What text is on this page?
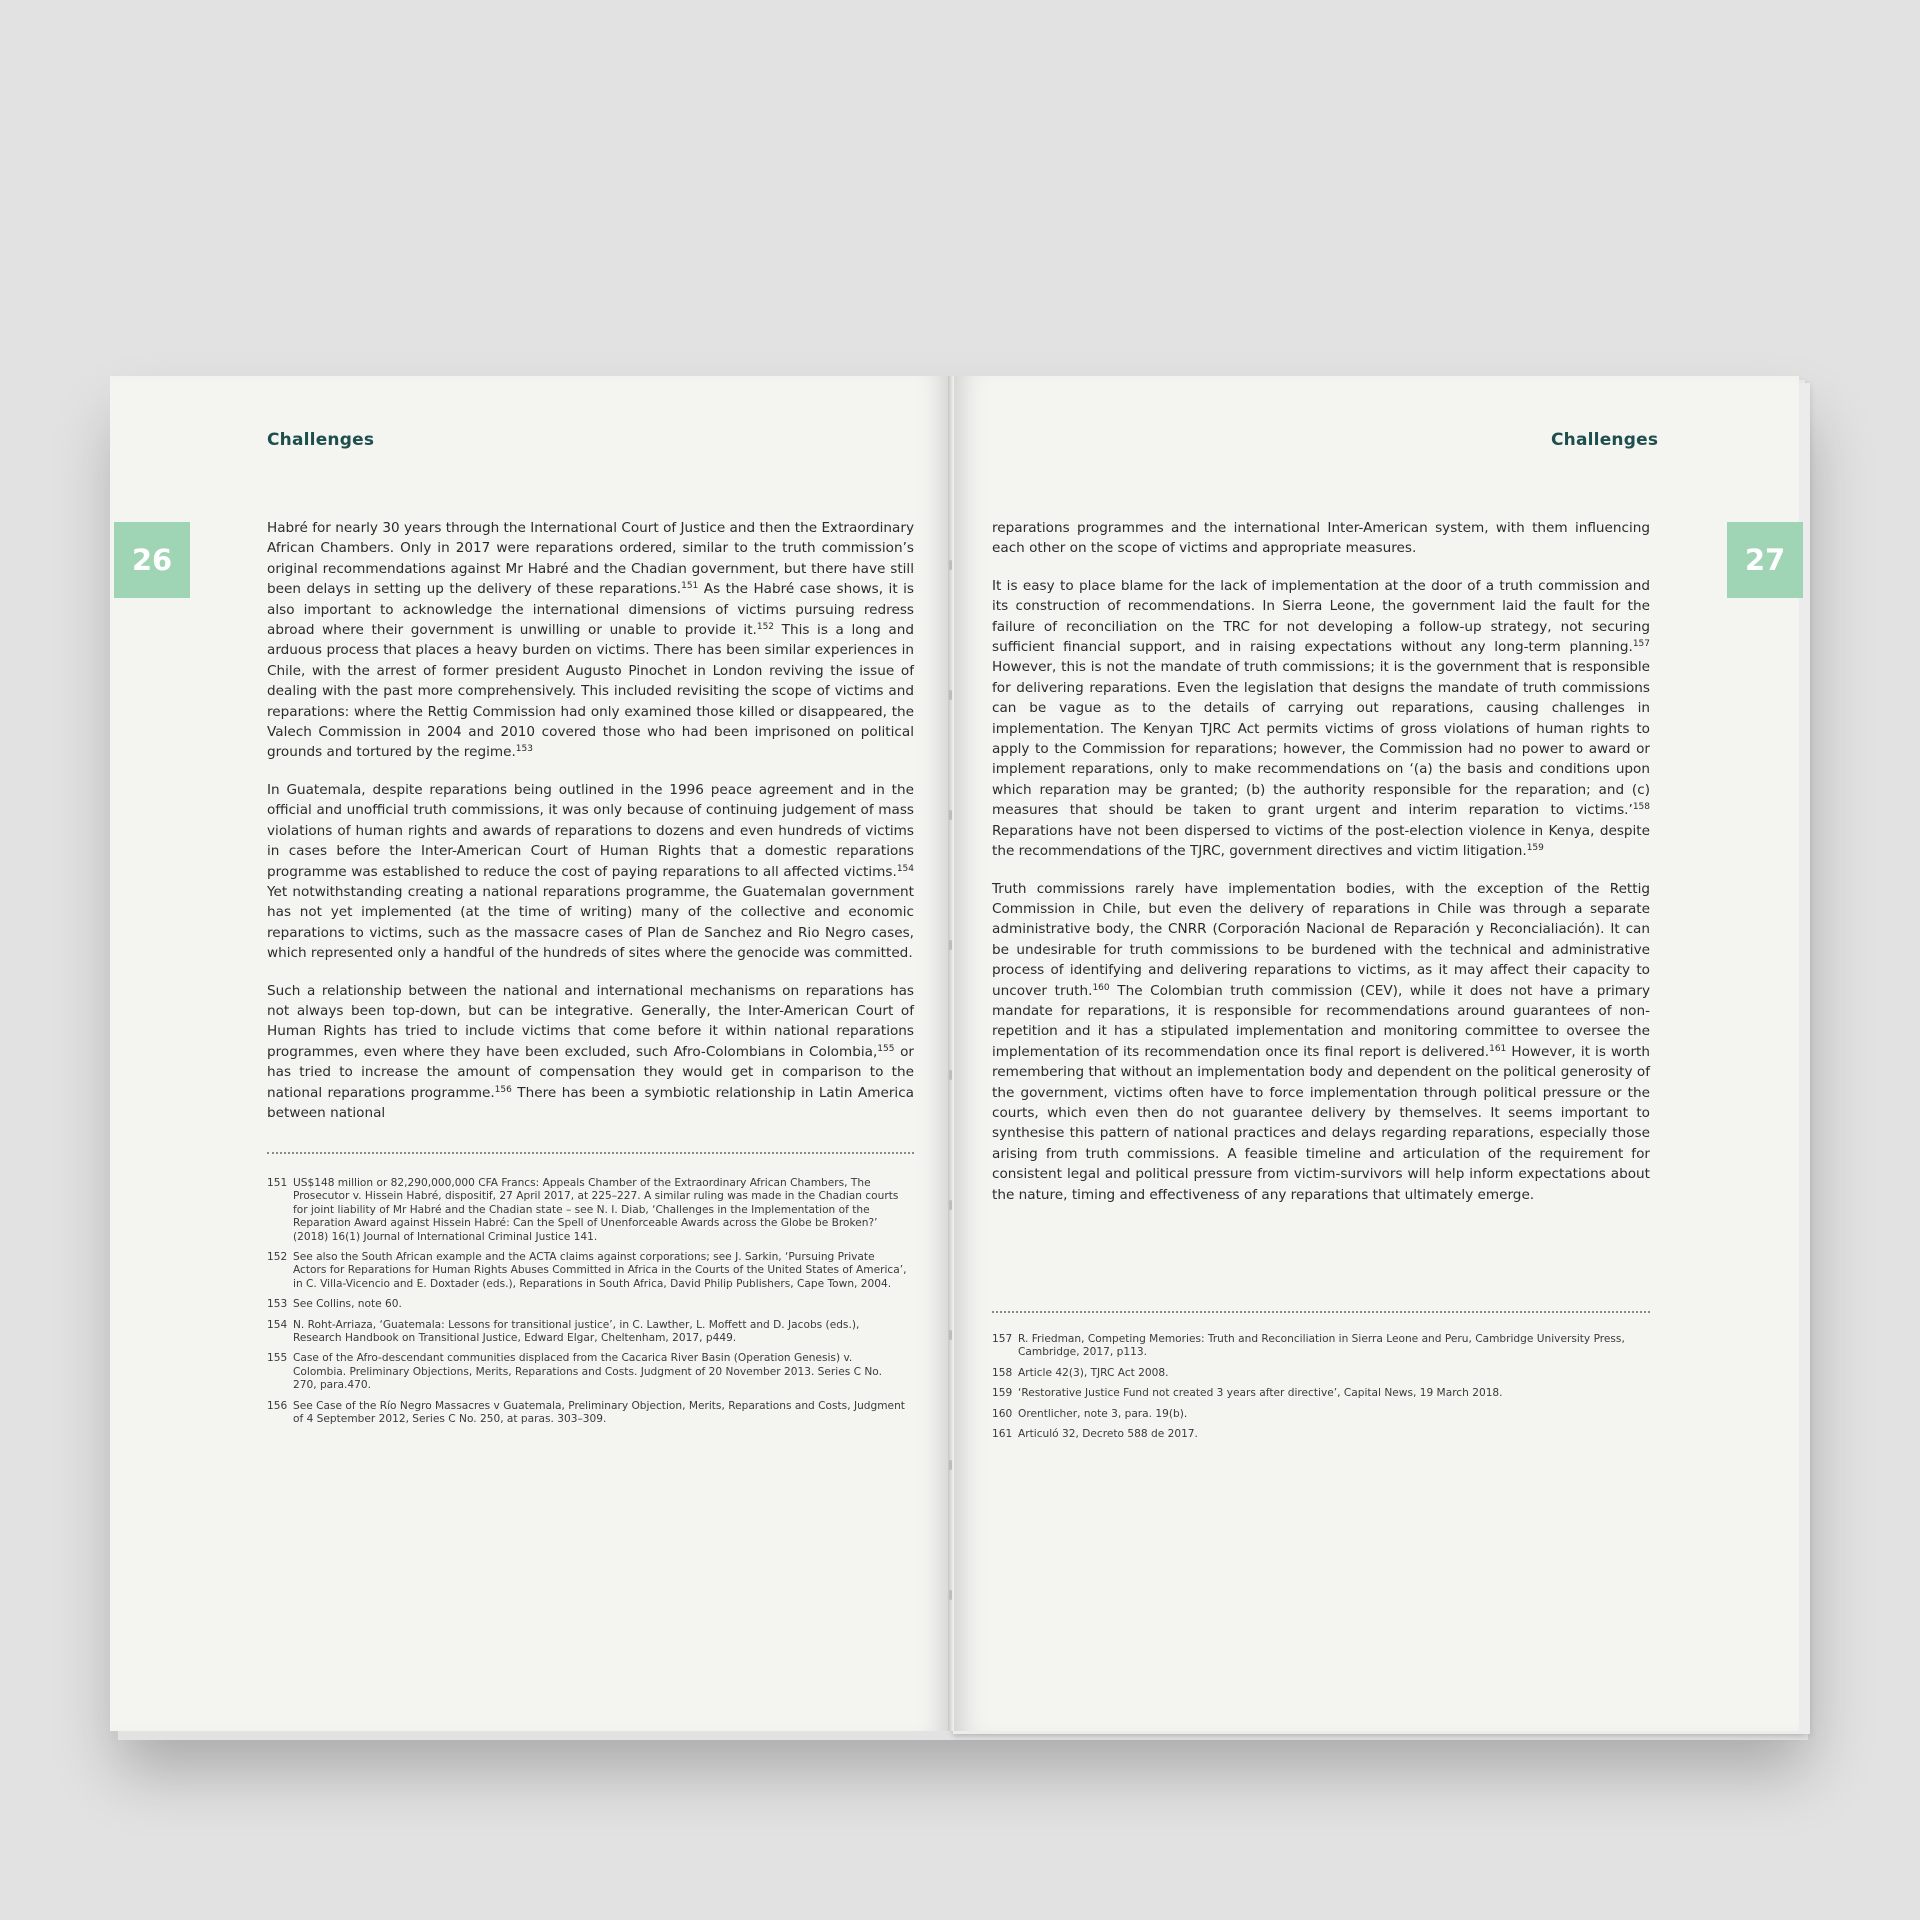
Challenges
26

Habré for nearly 30 years through the International Court of Justice and then the Extraordinary African Chambers. Only in 2017 were reparations ordered, similar to the truth commission’s original recommendations against Mr Habré and the Chadian government, but there have still been delays in setting up the delivery of these reparations.$^{151}$ As the Habré case shows, it is also important to acknowledge the international dimensions of victims pursuing redress abroad where their government is unwilling or unable to provide it.$^{152}$ This is a long and arduous process that places a heavy burden on victims. There has been similar experiences in Chile, with the arrest of former president Augusto Pinochet in London reviving the issue of dealing with the past more comprehensively. This included revisiting the scope of victims and reparations: where the Rettig Commission had only examined those killed or disappeared, the Valech Commission in 2004 and 2010 covered those who had been imprisoned on political grounds and tortured by the regime.$^{153}$

In Guatemala, despite reparations being outlined in the 1996 peace agreement and in the official and unofficial truth commissions, it was only because of continuing judgement of mass violations of human rights and awards of reparations to dozens and even hundreds of victims in cases before the Inter-American Court of Human Rights that a domestic reparations programme was established to reduce the cost of paying reparations to all affected victims.$^{154}$ Yet notwithstanding creating a national reparations programme, the Guatemalan government has not yet implemented (at the time of writing) many of the collective and economic reparations to victims, such as the massacre cases of Plan de Sanchez and Rio Negro cases, which represented only a handful of the hundreds of sites where the genocide was committed.

Such a relationship between the national and international mechanisms on reparations has not always been top-down, but can be integrative. Generally, the Inter-American Court of Human Rights has tried to include victims that come before it within national reparations programmes, even where they have been excluded, such Afro-Colombians in Colombia,$^{155}$ or has tried to increase the amount of compensation they would get in comparison to the national reparations programme.$^{156}$ There has been a symbiotic relationship in Latin America between national

151 US$148 million or 82,290,000,000 CFA Francs: Appeals Chamber of the Extraordinary African Chambers, The Prosecutor v. Hissein Habré, dispositif, 27 April 2017, at 225–227. A similar ruling was made in the Chadian courts for joint liability of Mr Habré and the Chadian state – see N. I. Diab, ‘Challenges in the Implementation of the Reparation Award against Hissein Habré: Can the Spell of Unenforceable Awards across the Globe be Broken?’ (2018) 16(1) Journal of International Criminal Justice 141.
152 See also the South African example and the ACTA claims against corporations; see J. Sarkin, ‘Pursuing Private Actors for Reparations for Human Rights Abuses Committed in Africa in the Courts of the United States of America’, in C. Villa-Vicencio and E. Doxtader (eds.), Reparations in South Africa, David Philip Publishers, Cape Town, 2004.
153 See Collins, note 60.
154 N. Roht-Arriaza, ‘Guatemala: Lessons for transitional justice’, in C. Lawther, L. Moffett and D. Jacobs (eds.), Research Handbook on Transitional Justice, Edward Elgar, Cheltenham, 2017, p449.
155 Case of the Afro-descendant communities displaced from the Cacarica River Basin (Operation Genesis) v. Colombia. Preliminary Objections, Merits, Reparations and Costs. Judgment of 20 November 2013. Series C No. 270, para.470.
156 See Case of the Río Negro Massacres v Guatemala, Preliminary Objection, Merits, Reparations and Costs, Judgment of 4 September 2012, Series C No. 250, at paras. 303–309.
Challenges
27

reparations programmes and the international Inter-American system, with them influencing each other on the scope of victims and appropriate measures.

It is easy to place blame for the lack of implementation at the door of a truth commission and its construction of recommendations. In Sierra Leone, the government laid the fault for the failure of reconciliation on the TRC for not developing a follow-up strategy, not securing sufficient financial support, and in raising expectations without any long-term planning.$^{157}$ However, this is not the mandate of truth commissions; it is the government that is responsible for delivering reparations. Even the legislation that designs the mandate of truth commissions can be vague as to the details of carrying out reparations, causing challenges in implementation. The Kenyan TJRC Act permits victims of gross violations of human rights to apply to the Commission for reparations; however, the Commission had no power to award or implement reparations, only to make recommendations on ‘(a) the basis and conditions upon which reparation may be granted; (b) the authority responsible for the reparation; and (c) measures that should be taken to grant urgent and interim reparation to victims.’$^{158}$ Reparations have not been dispersed to victims of the post-election violence in Kenya, despite the recommendations of the TJRC, government directives and victim litigation.$^{159}$

Truth commissions rarely have implementation bodies, with the exception of the Rettig Commission in Chile, but even the delivery of reparations in Chile was through a separate administrative body, the CNRR (Corporación Nacional de Reparación y Reconcialiación). It can be undesirable for truth commissions to be burdened with the technical and administrative process of identifying and delivering reparations to victims, as it may affect their capacity to uncover truth.$^{160}$ The Colombian truth commission (CEV), while it does not have a primary mandate for reparations, it is responsible for recommendations around guarantees of non-repetition and it has a stipulated implementation and monitoring committee to oversee the implementation of its recommendation once its final report is delivered.$^{161}$ However, it is worth remembering that without an implementation body and dependent on the political generosity of the government, victims often have to force implementation through political pressure or the courts, which even then do not guarantee delivery by themselves. It seems important to synthesise this pattern of national practices and delays regarding reparations, especially those arising from truth commissions. A feasible timeline and articulation of the requirement for consistent legal and political pressure from victim-survivors will help inform expectations about the nature, timing and effectiveness of any reparations that ultimately emerge.

157 R. Friedman, Competing Memories: Truth and Reconciliation in Sierra Leone and Peru, Cambridge University Press, Cambridge, 2017, p113.
158 Article 42(3), TJRC Act 2008.
159 ‘Restorative Justice Fund not created 3 years after directive’, Capital News, 19 March 2018.
160 Orentlicher, note 3, para. 19(b).
161 Articuló 32, Decreto 588 de 2017.
